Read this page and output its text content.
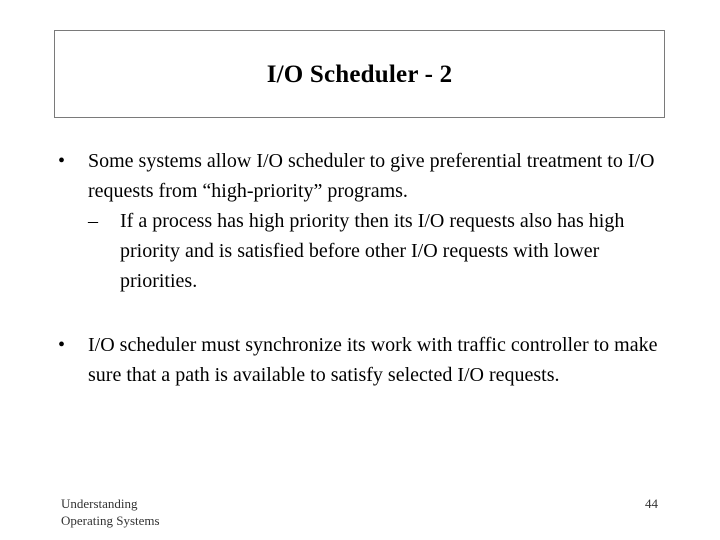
I/O Scheduler - 2
•	Some systems allow I/O scheduler to give preferential treatment to I/O requests from “high-priority” programs.
–	If a process has high priority then its I/O requests also has high priority and is satisfied before other I/O requests with lower priorities.
•	I/O scheduler must synchronize its work with traffic controller to make sure that a path is available to satisfy selected I/O requests.
Understanding
Operating Systems
44
